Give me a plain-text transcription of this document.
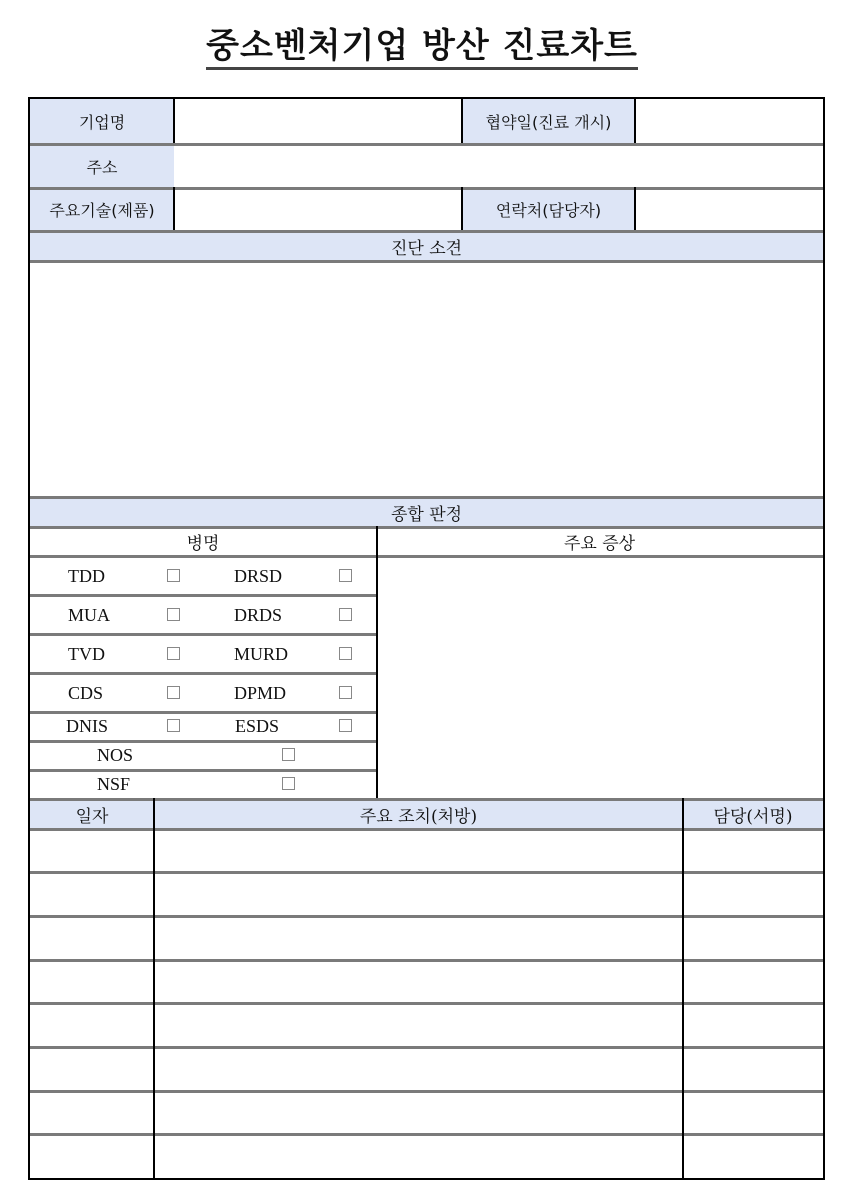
중소벤처기업 방산 진료차트
기업명	협약일(진료 개시)
주소
주요기술(제품)	연락처(담당자)
진단 소견
종합 판정
병명	주요 증상
TDD	DRSD
MUA	DRDS
TVD	MURD
CDS	DPMD
DNIS	ESDS
NOS
NSF
일자	주요 조치(처방)	담당(서명)
